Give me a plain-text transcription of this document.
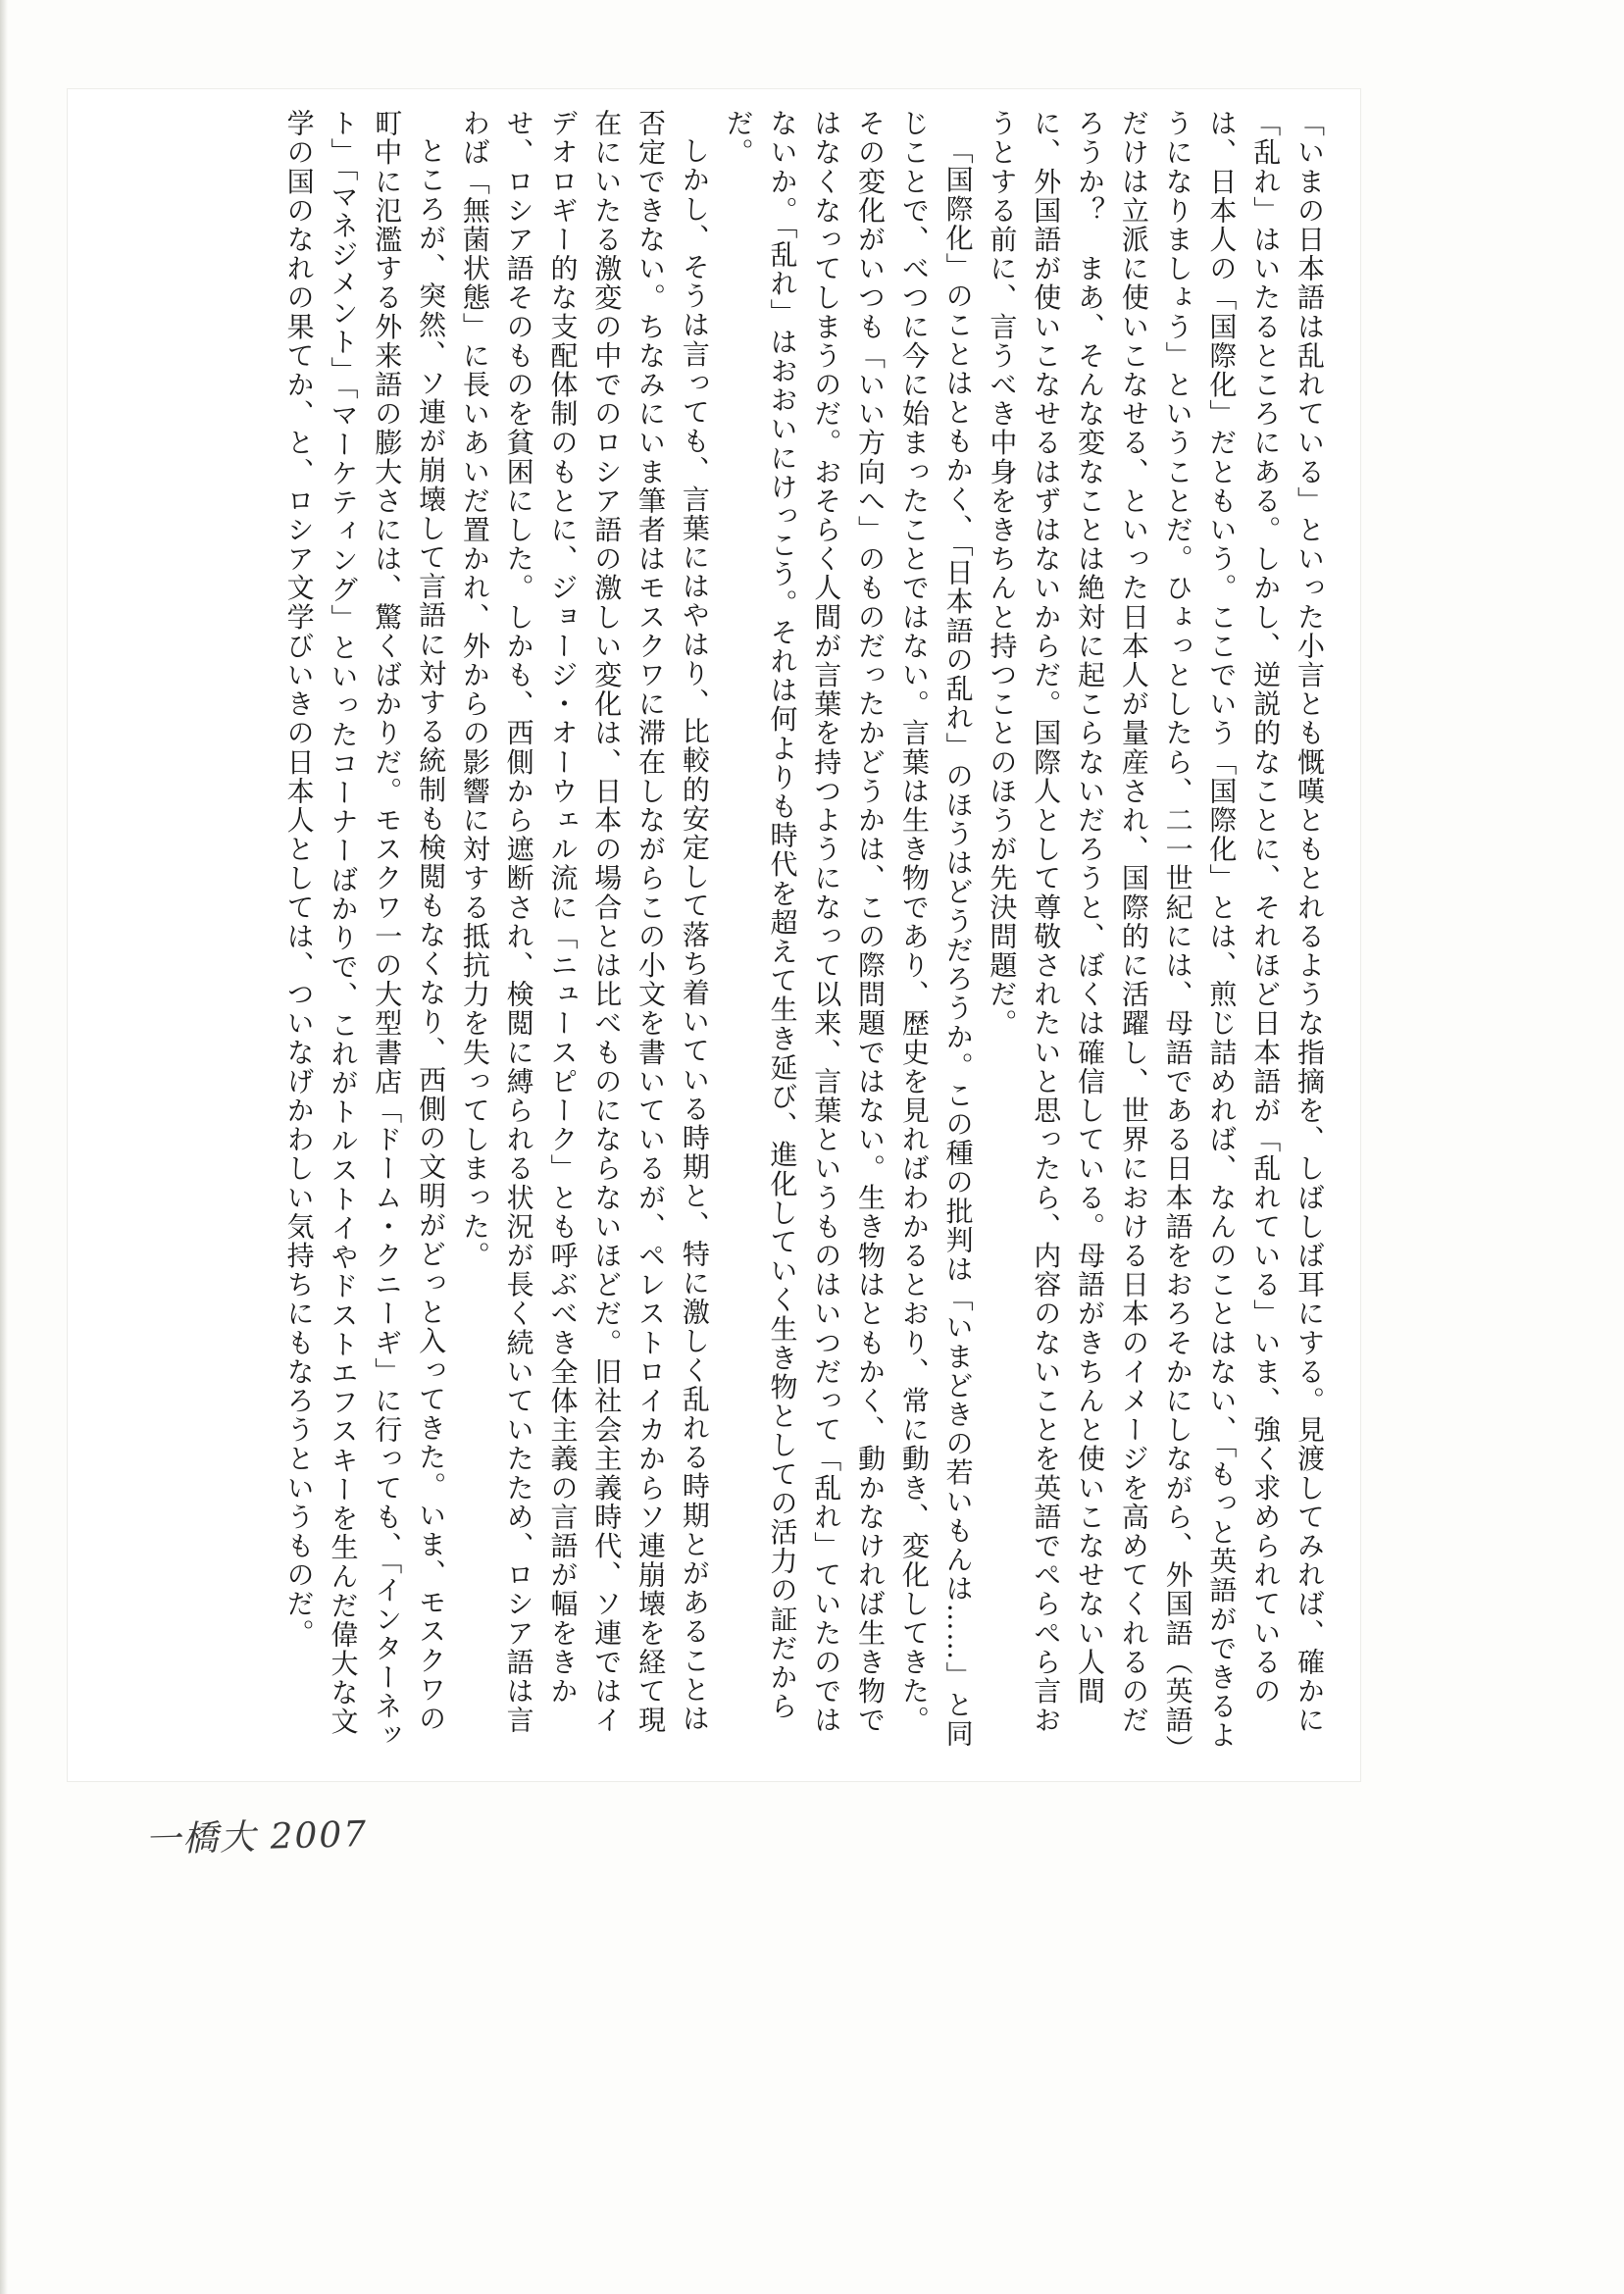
「いまの日本語は乱れている」といった小言とも慨嘆ともとれるような指摘を、しばしば耳にする。見渡してみれば、確かに「乱れ」はいたるところにある。しかし、逆説的なことに、それほど日本語が「乱れている」いま、強く求められているのは、日本人の「国際化」だともいう。ここでいう「国際化」とは、煎じ詰めれば、なんのことはない、「もっと英語ができるようになりましょう」ということだ。ひょっとしたら、二一世紀には、母語である日本語をおろそかにしながら、外国語（英語）だけは立派に使いこなせる、といった日本人が量産され、国際的に活躍し、世界における日本のイメージを高めてくれるのだろうか？　まあ、そんな変なことは絶対に起こらないだろうと、ぼくは確信している。母語がきちんと使いこなせない人間に、外国語が使いこなせるはずはないからだ。国際人として尊敬されたいと思ったら、内容のないことを英語でぺらぺら言おうとする前に、言うべき中身をきちんと持つことのほうが先決問題だ。

「国際化」のことはともかく、「日本語の乱れ」のほうはどうだろうか。この種の批判は「いまどきの若いもんは……」と同じことで、べつに今に始まったことではない。言葉は生き物であり、歴史を見ればわかるとおり、常に動き、変化してきた。その変化がいつも「いい方向へ」のものだったかどうかは、この際問題ではない。生き物はともかく、動かなければ生き物ではなくなってしまうのだ。おそらく人間が言葉を持つようになって以来、言葉というものはいつだって「乱れ」ていたのではないか。「乱れ」はおおいにけっこう。それは何よりも時代を超えて生き延び、進化していく生き物としての活力の証だからだ。

しかし、そうは言っても、言葉にはやはり、比較的安定して落ち着いている時期と、特に激しく乱れる時期とがあることは否定できない。ちなみにいま筆者はモスクワに滞在しながらこの小文を書いているが、ペレストロイカからソ連崩壊を経て現在にいたる激変の中でのロシア語の激しい変化は、日本の場合とは比べものにならないほどだ。旧社会主義時代、ソ連ではイデオロギー的な支配体制のもとに、ジョージ・オーウェル流に「ニュースピーク」とも呼ぶべき全体主義の言語が幅をきかせ、ロシア語そのものを貧困にした。しかも、西側から遮断され、検閲に縛られる状況が長く続いていたため、ロシア語は言わば「無菌状態」に長いあいだ置かれ、外からの影響に対する抵抗力を失ってしまった。

ところが、突然、ソ連が崩壊して言語に対する統制も検閲もなくなり、西側の文明がどっと入ってきた。いま、モスクワの町中に氾濫する外来語の膨大さには、驚くばかりだ。モスクワ一の大型書店「ドーム・クニーギ」に行っても、「インターネット」「マネジメント」「マーケティング」といったコーナーばかりで、これがトルストイやドストエフスキーを生んだ偉大な文学の国のなれの果てか、と、ロシア文学びいきの日本人としては、ついなげかわしい気持ちにもなろうというものだ。

一橋大 2007
